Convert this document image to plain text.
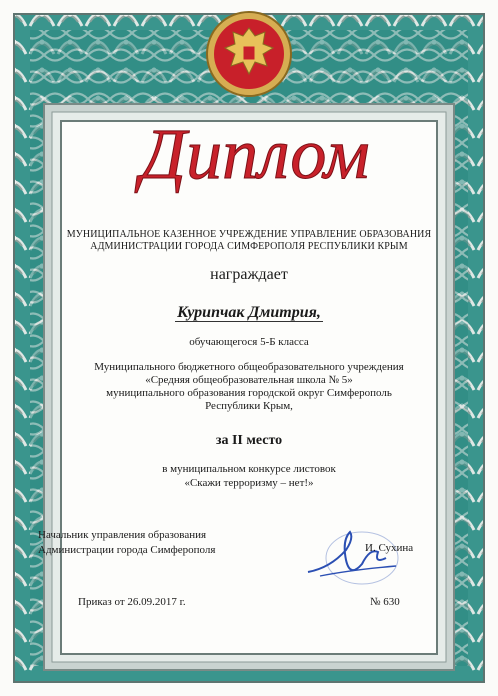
Диплом
МУНИЦИПАЛЬНОЕ КАЗЕННОЕ УЧРЕЖДЕНИЕ УПРАВЛЕНИЕ ОБРАЗОВАНИЯ
АДМИНИСТРАЦИИ ГОРОДА СИМФЕРОПОЛЯ РЕСПУБЛИКИ КРЫМ
награждает
Курипчак Дмитрия,
обучающегося 5-Б класса
Муниципального бюджетного общеобразовательного учреждения
«Средняя общеобразовательная школа № 5»
муниципального образования городской округ Симферополь
Республики Крым,
за II место
в муниципальном конкурсе листовок
«Скажи терроризму – нет!»
Начальник управления образования
Администрации города Симферополя	И. Сухина
Приказ от 26.09.2017 г.	№ 630
